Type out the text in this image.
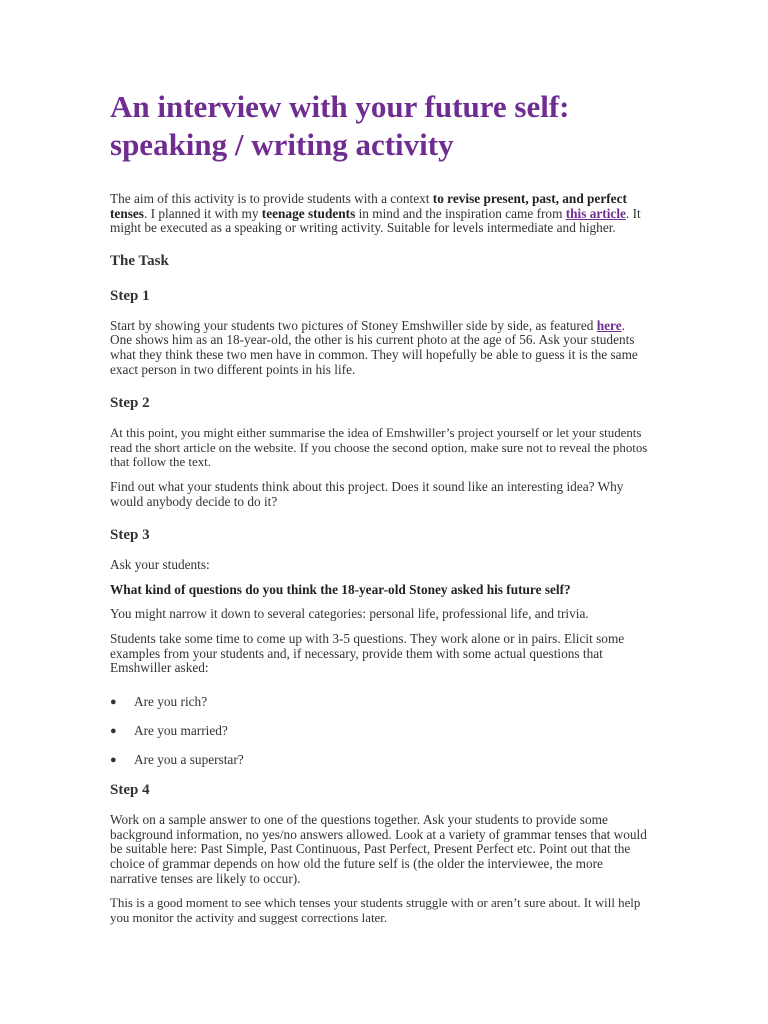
An interview with your future self:
speaking / writing activity

The aim of this activity is to provide students with a context to revise present, past, and perfect tenses. I planned it with my teenage students in mind and the inspiration came from this article. It might be executed as a speaking or writing activity. Suitable for levels intermediate and higher.

The Task
Step 1

Start by showing your students two pictures of Stoney Emshwiller side by side, as featured here. One shows him as an 18-year-old, the other is his current photo at the age of 56. Ask your students what they think these two men have in common. They will hopefully be able to guess it is the same exact person in two different points in his life.

Step 2

At this point, you might either summarise the idea of Emshwiller’s project yourself or let your students read the short article on the website. If you choose the second option, make sure not to reveal the photos that follow the text.

Find out what your students think about this project. Does it sound like an interesting idea? Why would anybody decide to do it?

Step 3

Ask your students:

What kind of questions do you think the 18-year-old Stoney asked his future self?

You might narrow it down to several categories: personal life, professional life, and trivia.

Students take some time to come up with 3-5 questions. They work alone or in pairs. Elicit some examples from your students and, if necessary, provide them with some actual questions that Emshwiller asked:

● Are you rich?
● Are you married?
● Are you a superstar?
Step 4

Work on a sample answer to one of the questions together. Ask your students to provide some background information, no yes/no answers allowed. Look at a variety of grammar tenses that would be suitable here: Past Simple, Past Continuous, Past Perfect, Present Perfect etc. Point out that the choice of grammar depends on how old the future self is (the older the interviewee, the more narrative tenses are likely to occur).

This is a good moment to see which tenses your students struggle with or aren’t sure about. It will help you monitor the activity and suggest corrections later.
